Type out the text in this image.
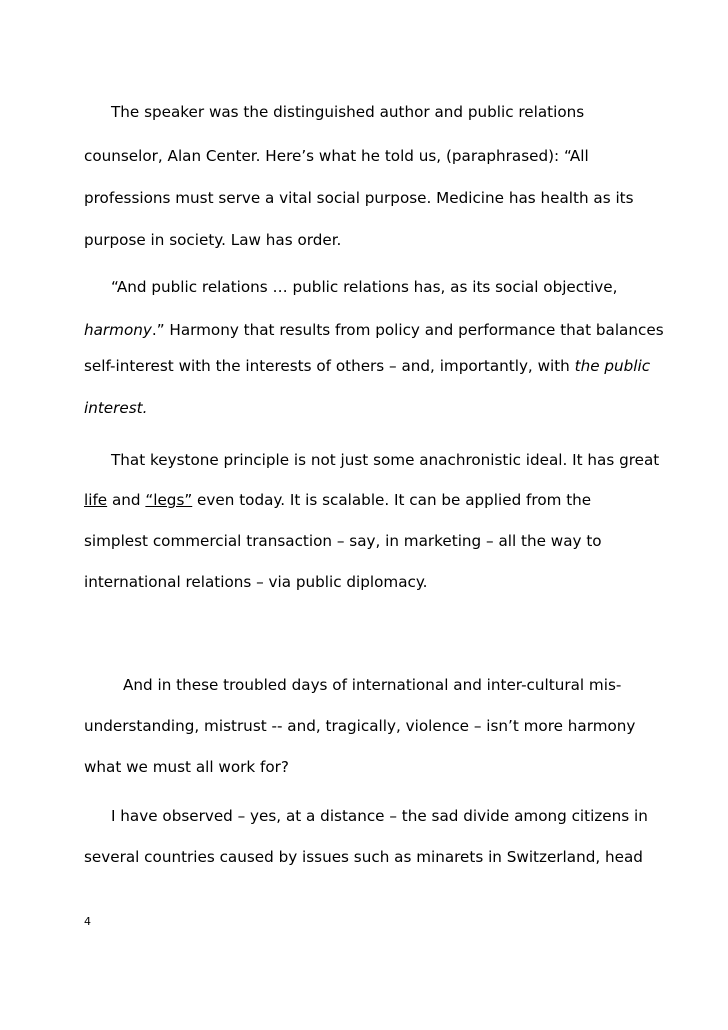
The speaker was the distinguished author and public relations
counselor, Alan Center. Here’s what he told us, (paraphrased): “All
professions must serve a vital social purpose. Medicine has health as its
purpose in society. Law has order.
“And public relations … public relations has, as its social objective,
harmony.” Harmony that results from policy and performance that balances
self-interest with the interests of others – and, importantly, with the public
interest.
That keystone principle is not just some anachronistic ideal. It has great
life and “legs” even today. It is scalable. It can be applied from the
simplest commercial transaction – say, in marketing – all the way to
international relations – via public diplomacy.
And in these troubled days of international and inter-cultural mis-
understanding, mistrust -- and, tragically, violence – isn’t more harmony
what we must all work for?
I have observed – yes, at a distance – the sad divide among citizens in
several countries caused by issues such as minarets in Switzerland, head
4
